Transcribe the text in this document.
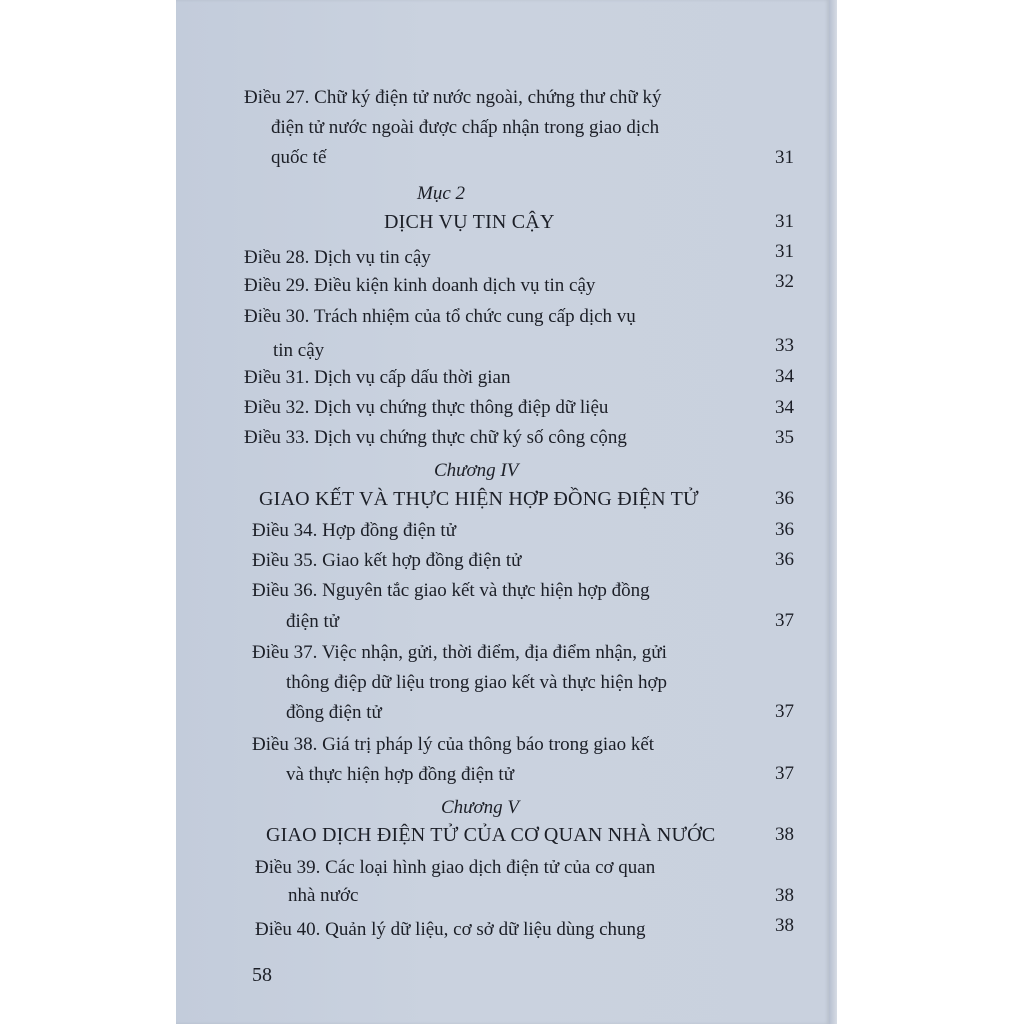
Điều 27. Chữ ký điện tử nước ngoài, chứng thư chữ ký
điện tử nước ngoài được chấp nhận trong giao dịch
quốc tế	31
Mục 2
DỊCH VỤ TIN CẬY	31
Điều 28. Dịch vụ tin cậy	31
Điều 29. Điều kiện kinh doanh dịch vụ tin cậy	32
Điều 30. Trách nhiệm của tổ chức cung cấp dịch vụ
tin cậy	33
Điều 31. Dịch vụ cấp dấu thời gian	34
Điều 32. Dịch vụ chứng thực thông điệp dữ liệu	34
Điều 33. Dịch vụ chứng thực chữ ký số công cộng	35
Chương IV
GIAO KẾT VÀ THỰC HIỆN HỢP ĐỒNG ĐIỆN TỬ	36
Điều 34. Hợp đồng điện tử	36
Điều 35. Giao kết hợp đồng điện tử	36
Điều 36. Nguyên tắc giao kết và thực hiện hợp đồng
điện tử	37
Điều 37. Việc nhận, gửi, thời điểm, địa điểm nhận, gửi
thông điệp dữ liệu trong giao kết và thực hiện hợp
đồng điện tử	37
Điều 38. Giá trị pháp lý của thông báo trong giao kết
và thực hiện hợp đồng điện tử	37
Chương V
GIAO DỊCH ĐIỆN TỬ CỦA CƠ QUAN NHÀ NƯỚC	38
Điều 39. Các loại hình giao dịch điện tử của cơ quan
nhà nước	38
Điều 40. Quản lý dữ liệu, cơ sở dữ liệu dùng chung	38
58
